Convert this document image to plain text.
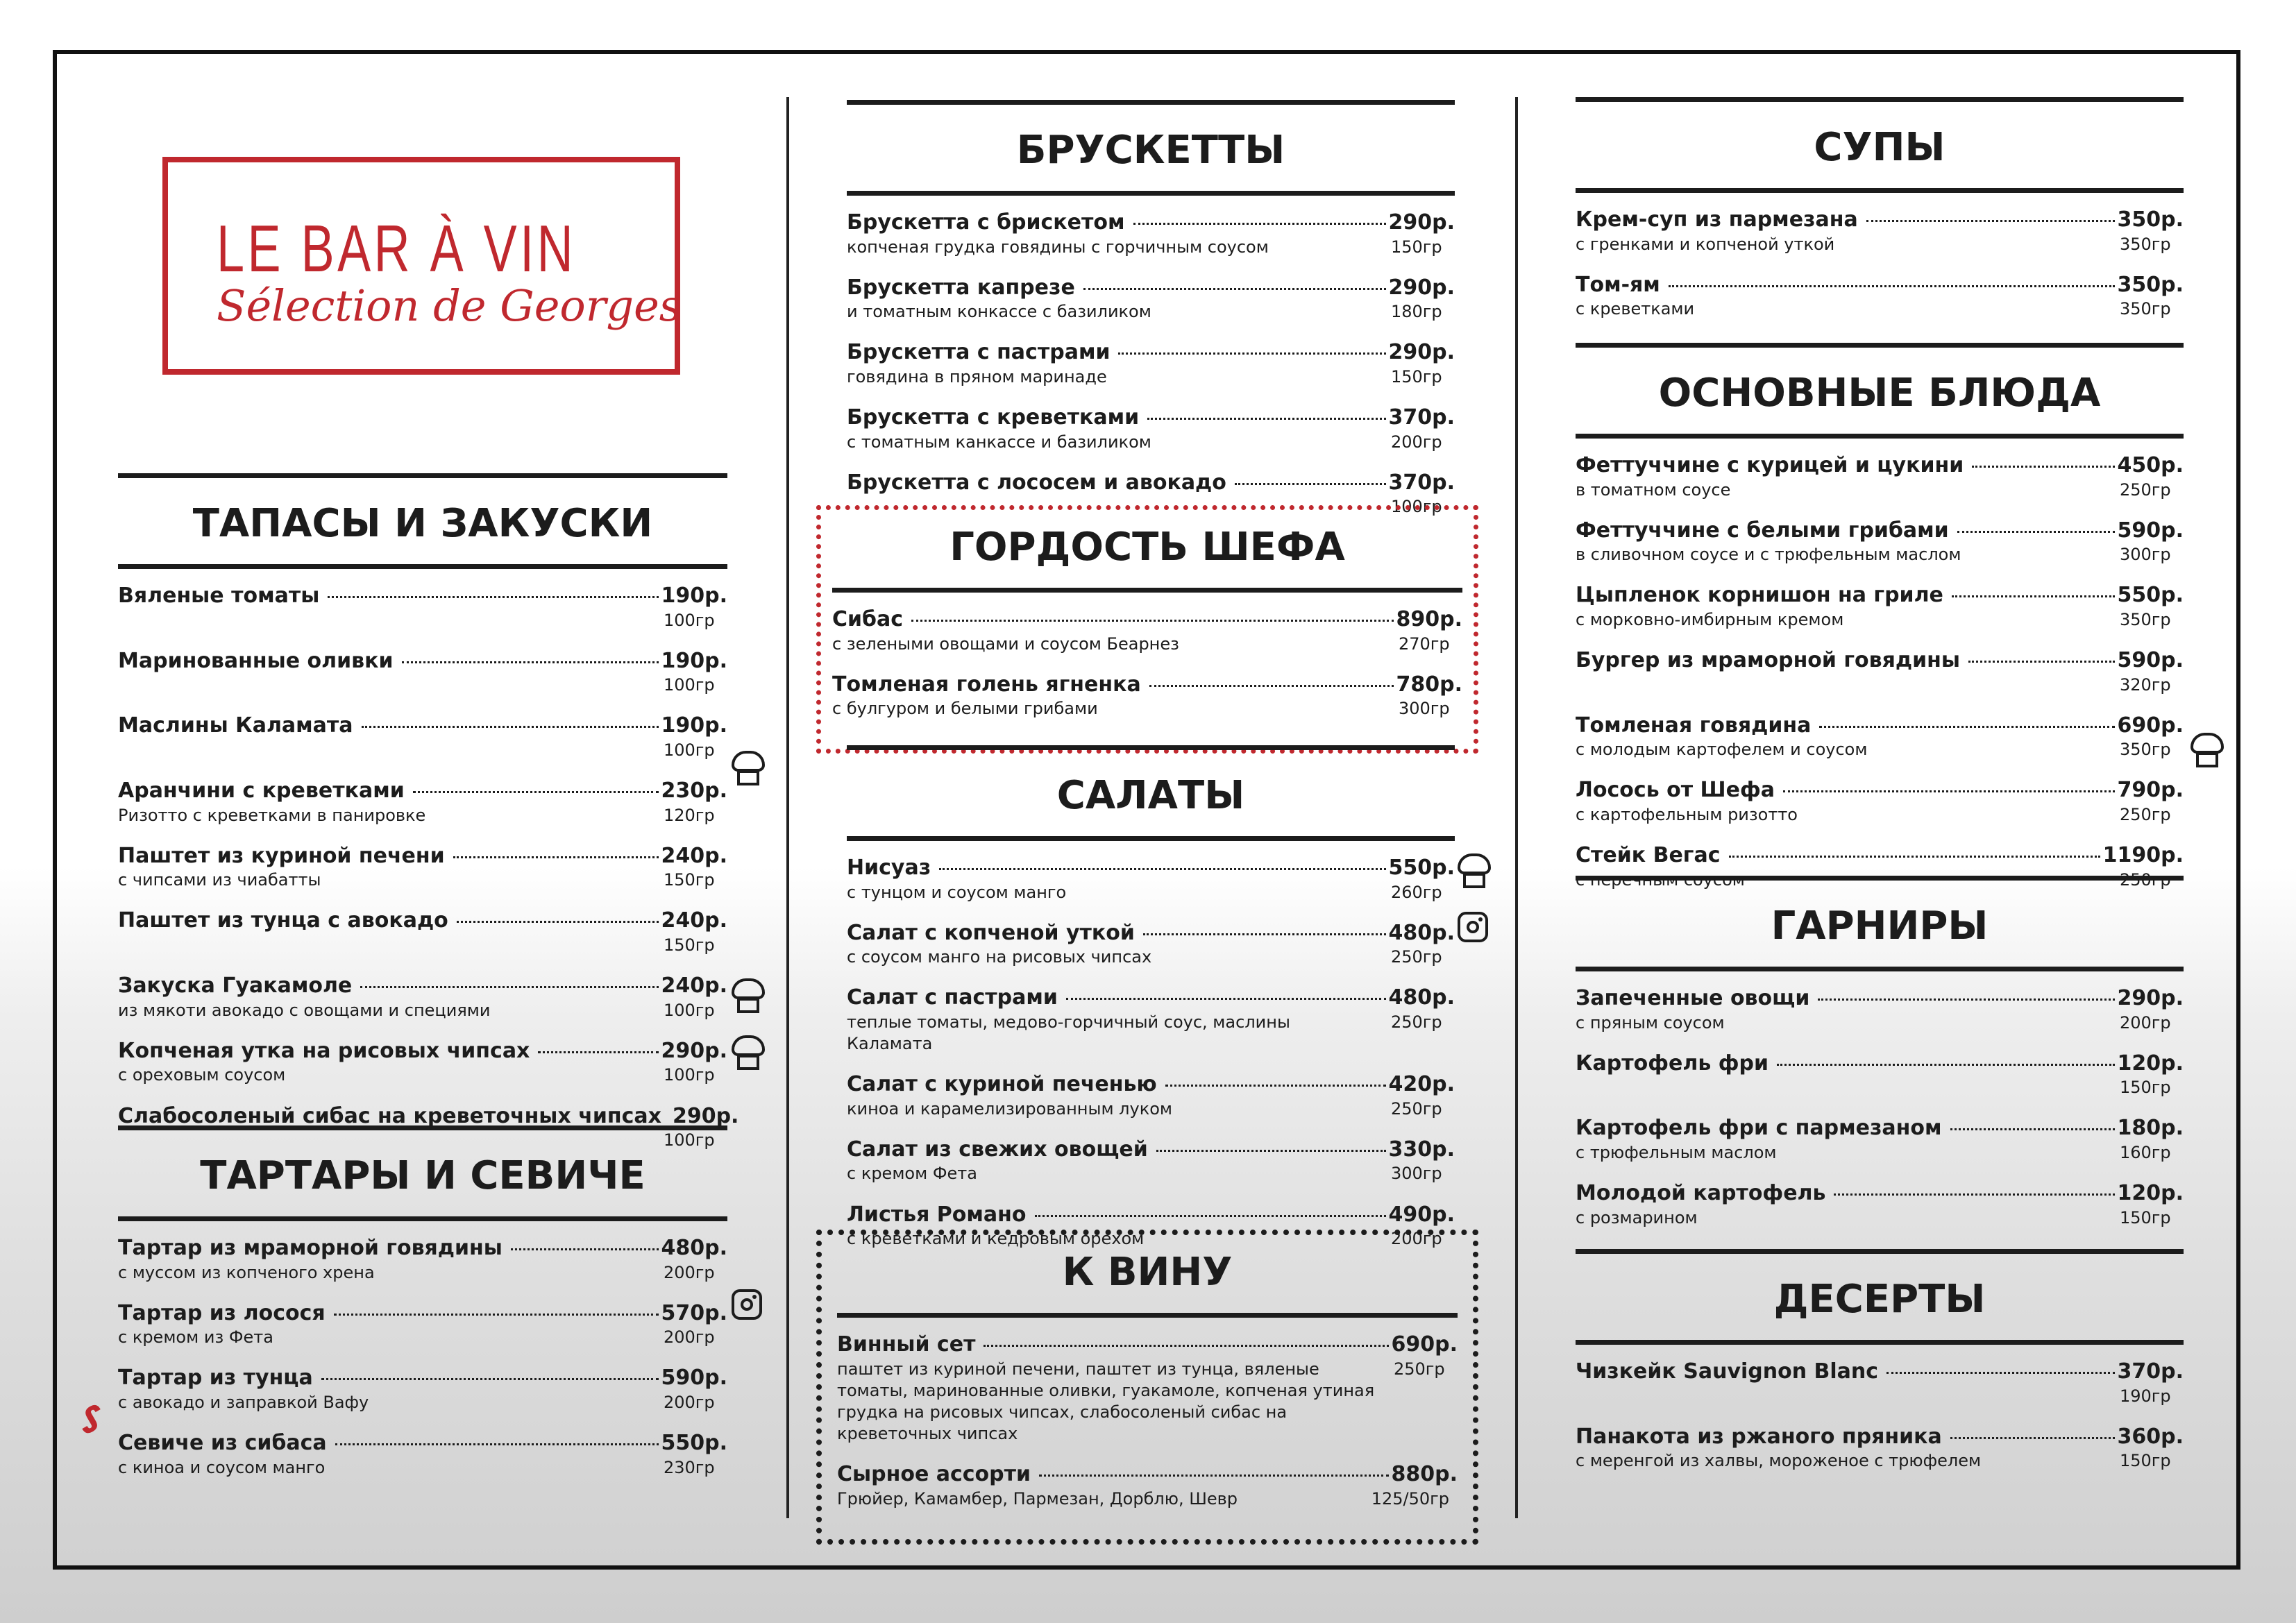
LE BAR À VIN
Sélection de Georges
ТАПАСЫ И ЗАКУСКИ
Вяленые томаты	190р.
100гр
Маринованные оливки	190р.
100гр
Маслины Каламата	190р.
100гр
Аранчини с креветками	230р.
Ризотто с креветками в панировке	120гр
Паштет из куриной печени	240р.
с чипсами из чиабатты	150гр
Паштет из тунца с авокадо	240р.
150гр
Закуска Гуакамоле	240р.
из мякоти авокадо с овощами и специями	100гр
Копченая утка на рисовых чипсах	290р.
с ореховым соусом	100гр
Слабосоленый сибас на креветочных чипсах 290р.
100гр
ТАРТАРЫ И СЕВИЧЕ
Тартар из мраморной говядины	480р.
с муссом из копченого хрена	200гр
Тартар из лосося	570р.
с кремом из Фета	200гр
Тартар из тунца	590р.
с авокадо и заправкой Вафу	200гр
Севиче из сибаса	550р.
с киноа и соусом манго	230гр
БРУСКЕТТЫ
Брускетта с брискетом	290р.
копченая грудка говядины с горчичным соусом	150гр
Брускетта капрезе	290р.
и томатным конкассе с базиликом	180гр
Брускетта с пастрами	290р.
говядина в пряном маринаде	150гр
Брускетта с креветками	370р.
с томатным канкассе и базиликом	200гр
Брускетта с лососем и авокадо	370р.
100гр
ГОРДОСТЬ ШЕФА
Сибас	890р.
с зелеными овощами и соусом Беарнез	270гр
Томленая голень ягненка	780р.
с булгуром и белыми грибами	300гр
САЛАТЫ
Нисуаз	550р.
с тунцом и соусом манго	260гр
Салат с копченой уткой	480р.
с соусом манго на рисовых чипсах	250гр
Салат с пастрами	480р.
теплые томаты, медово-горчичный соус, маслины Каламата
250гр
Салат с куриной печенью	420р.
киноа и карамелизированным луком	250гр
Салат из свежих овощей	330р.
с кремом Фета	300гр
Листья Романо	490р.
с креветками и кедровым орехом	200гр
К ВИНУ
Винный сет	690р.
паштет из куриной печени, паштет из тунца, вяленые томаты, маринованные оливки, гуакамоле, копченая утиная грудка на рисовых чипсах, слабосоленый сибас на креветочных чипсах
250гр
Сырное ассорти	880р.
Грюйер, Камамбер, Пармезан, Дорблю, Шевр	125/50гр
СУПЫ
Крем-суп из пармезана	350р.
с гренками и копченой уткой	350гр
Том-ям	350р.
с креветками	350гр
ОСНОВНЫЕ БЛЮДА
Феттуччине с курицей и цукини	450р.
в томатном соусе	250гр
Феттуччине с белыми грибами	590р.
в сливочном соусе и с трюфельным маслом	300гр
Цыпленок корнишон на гриле	550р.
с морковно-имбирным кремом	350гр
Бургер из мраморной говядины	590р.
320гр
Томленая говядина	690р.
с молодым картофелем и соусом	350гр
Лосось от Шефа	790р.
с картофельным ризотто	250гр
Стейк Вегас	1190р.
с перечным соусом	250гр
ГАРНИРЫ
Запеченные овощи	290р.
с пряным соусом	200гр
Картофель фри	120р.
150гр
Картофель фри с пармезаном	180р.
с трюфельным маслом	160гр
Молодой картофель	120р.
с розмарином	150гр
ДЕСЕРТЫ
Чизкейк Sauvignon Blanc	370р.
190гр
Панакота из ржаного пряника	360р.
с меренгой из халвы, мороженое с трюфелем	150гр
ᔑ
